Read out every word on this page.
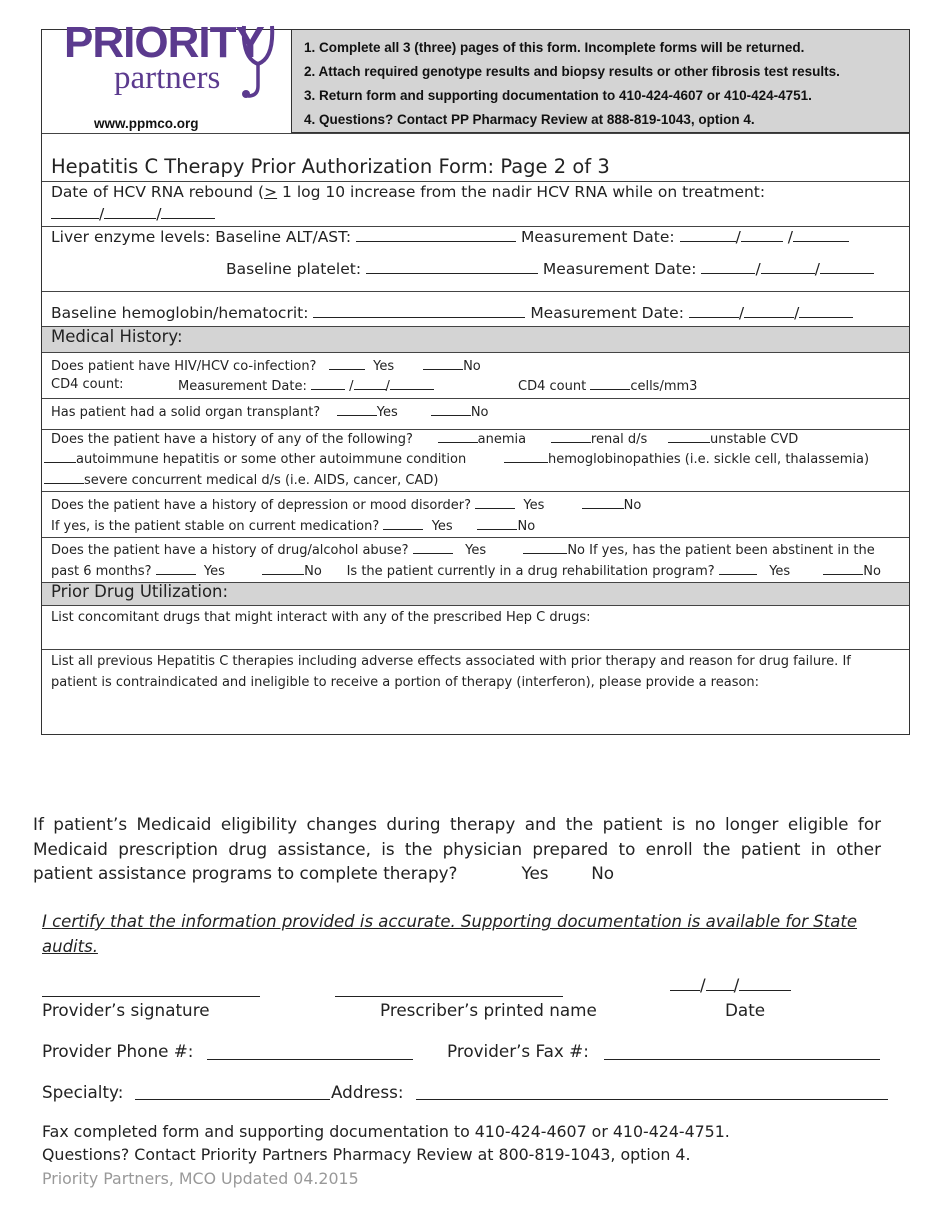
PRIORITY
partners
www.ppmco.org
1. Complete all 3 (three) pages of this form. Incomplete forms will be returned.
2. Attach required genotype results and biopsy results or other fibrosis test results.
3. Return form and supporting documentation to 410-424-4607 or 410-424-4751.
4. Questions? Contact PP Pharmacy Review at 888-819-1043, option 4.
Hepatitis C Therapy Prior Authorization Form: Page 2 of 3
Date of HCV RNA rebound (≥ 1 log 10 increase from the nadir HCV RNA while on treatment:
/	/
Liver enzyme levels: Baseline ALT/AST:	Measurement Date:	/	/
Baseline platelet:	Measurement Date:	/	/
Baseline hemoglobin/hematocrit:	Measurement Date:	/	/
Medical History:
Does patient have HIV/HCV co-infection?	Yes	No
CD4 count:	Measurement Date:	/ /	CD4 count	cells/mm3
Has patient had a solid organ transplant?	Yes	No
Does the patient have a history of any of the following?	anemia	renal d/s	unstable CVD
autoimmune hepatitis or some other autoimmune condition	hemoglobinopathies (i.e. sickle cell, thalassemia)
severe concurrent medical d/s (i.e. AIDS, cancer, CAD)
Does the patient have a history of depression or mood disorder?	Yes	No
If yes, is the patient stable on current medication?	Yes	No
Does the patient have a history of drug/alcohol abuse?	Yes	No If yes, has the patient been abstinent in the
past 6 months?	Yes	No Is the patient currently in a drug rehabilitation program?	Yes	No
Prior Drug Utilization:
List concomitant drugs that might interact with any of the prescribed Hep C drugs:
List all previous Hepatitis C therapies including adverse effects associated with prior therapy and reason for drug failure. If patient is contraindicated and ineligible to receive a portion of therapy (interferon), please provide a reason:
If patient’s Medicaid eligibility changes during therapy and the patient is no longer eligible for Medicaid prescription drug assistance, is the physician prepared to enroll the patient in other patient assistance programs to complete therapy?	Yes	No
I certify that the information provided is accurate. Supporting documentation is available for State audits.
/ /
Provider’s signature	Prescriber’s printed name	Date
Provider Phone #:	Provider’s Fax #:
Specialty:	Address:
Fax completed form and supporting documentation to 410-424-4607 or 410-424-4751.
Questions? Contact Priority Partners Pharmacy Review at 800-819-1043, option 4.
Priority Partners, MCO Updated 04.2015
